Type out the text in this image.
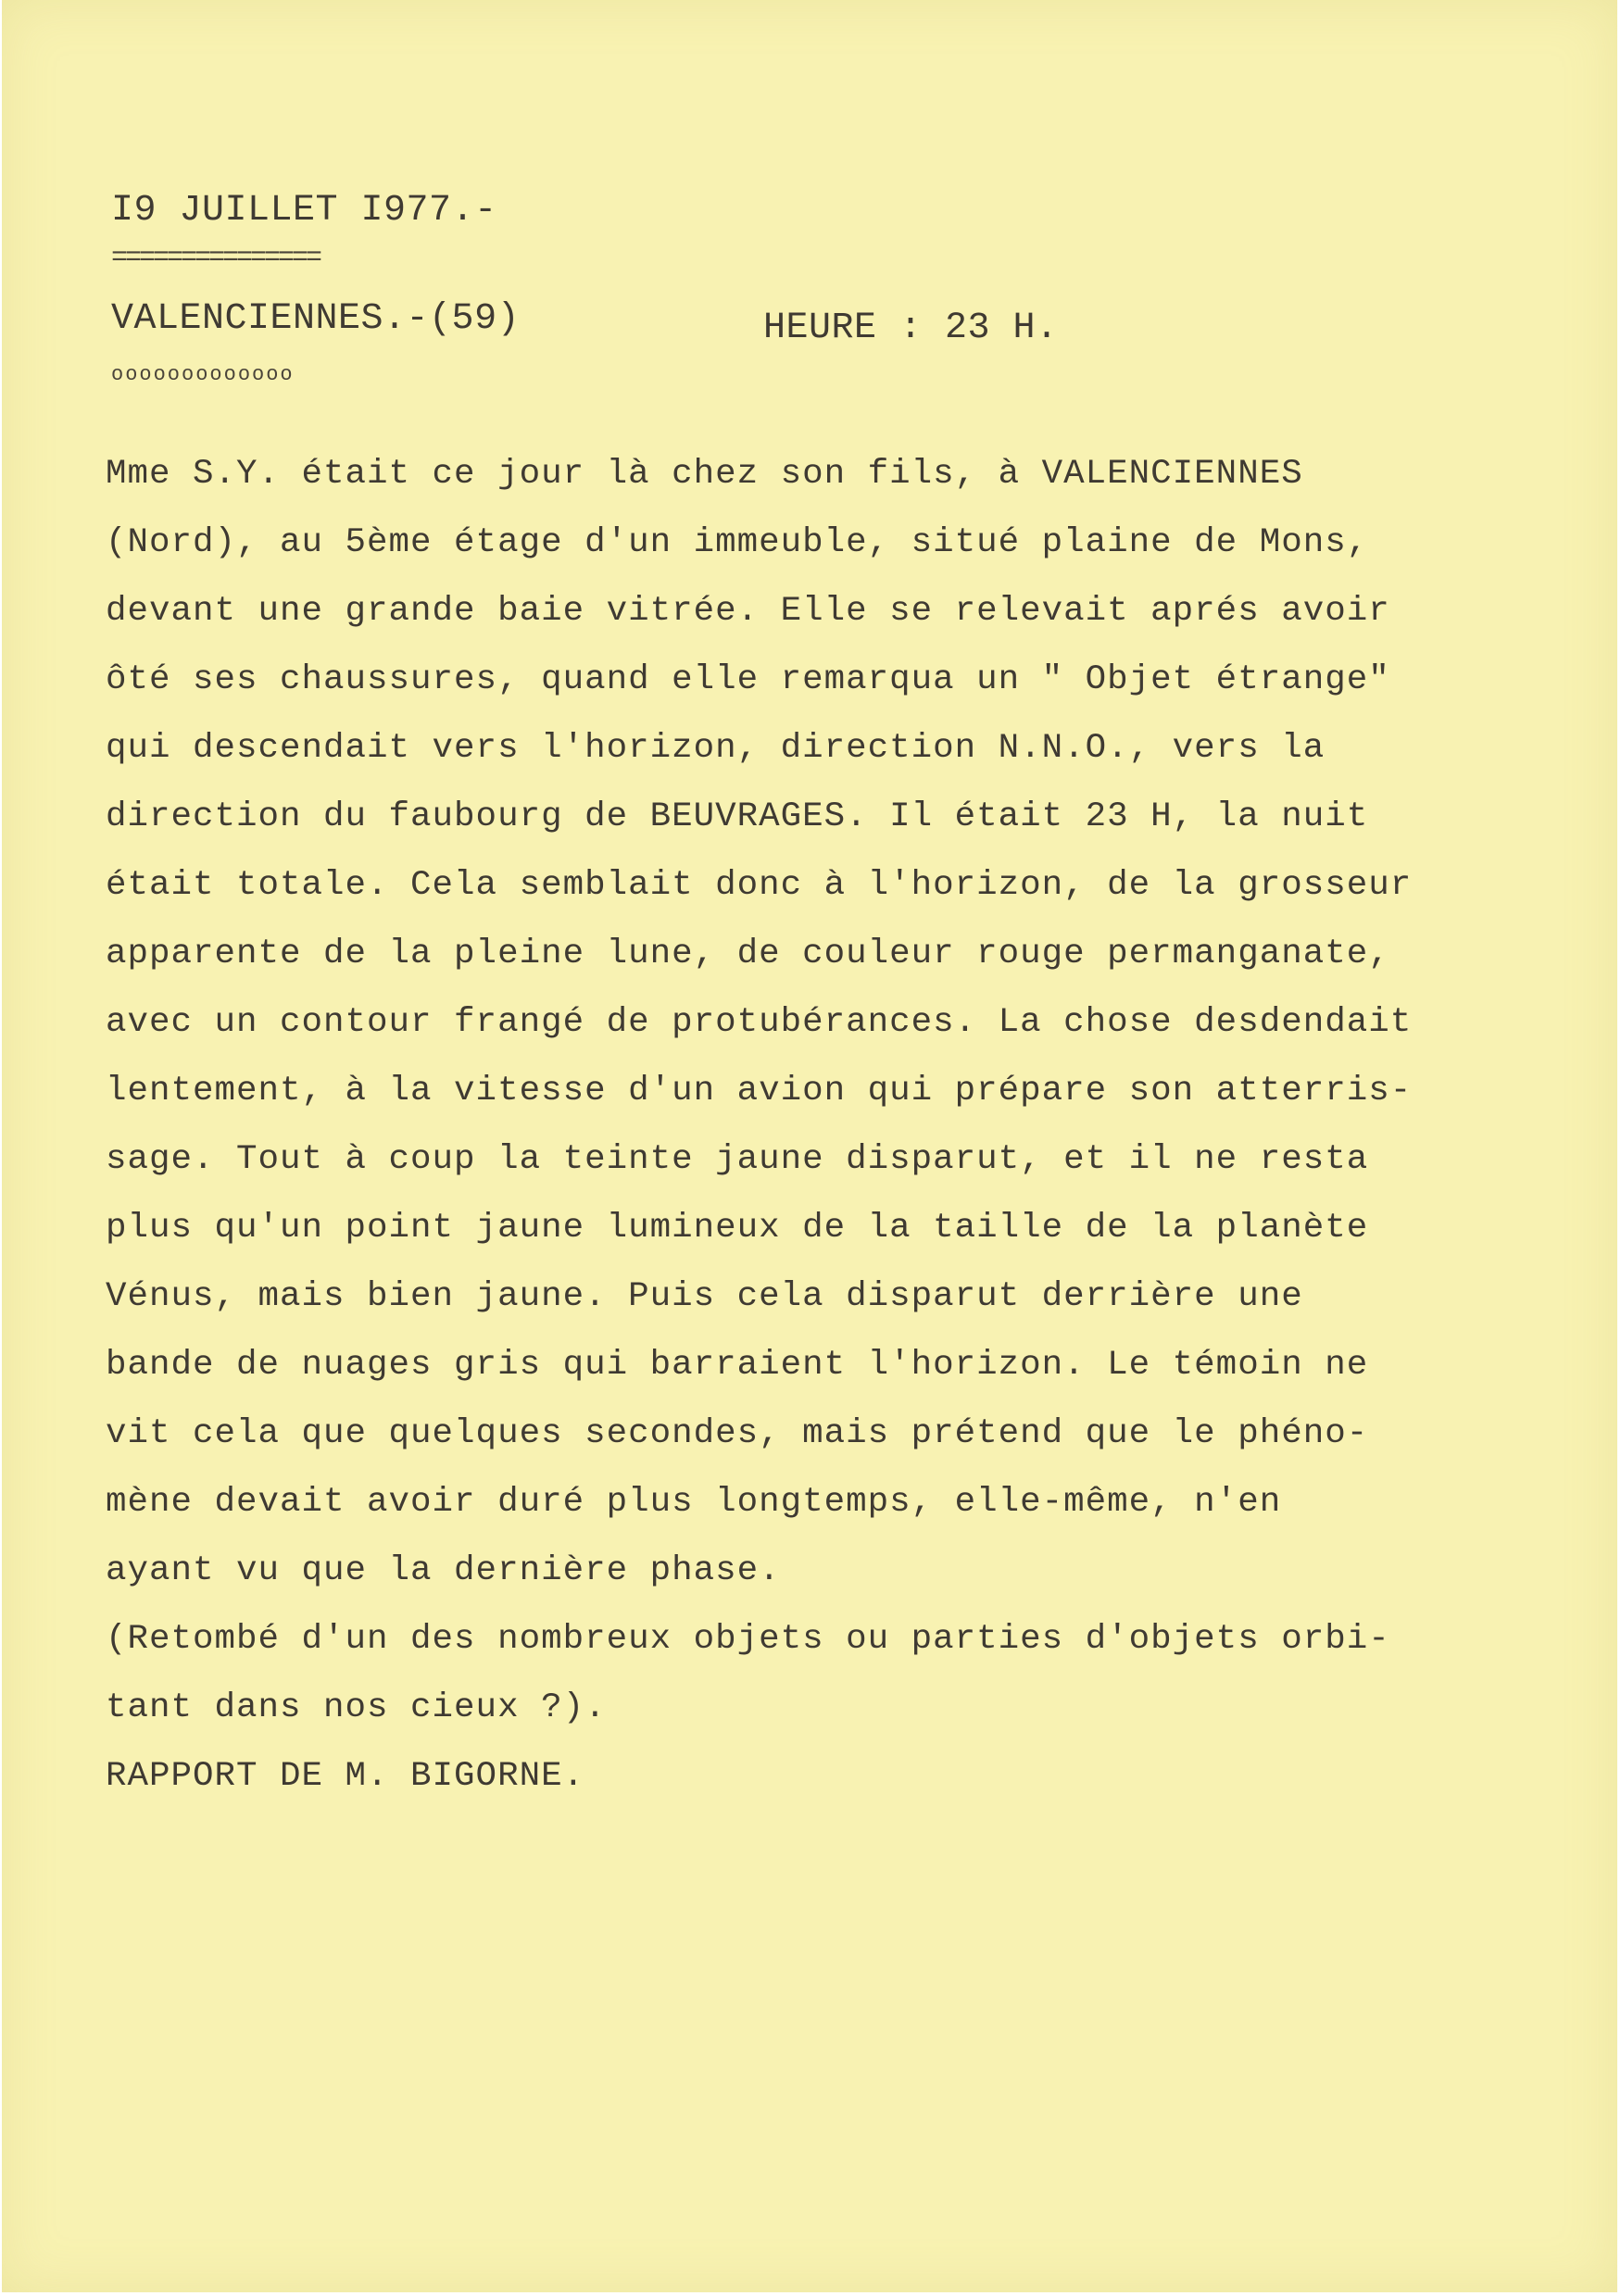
I9 JUILLET I977.-
===============
VALENCIENNES.-(59)	HEURE : 23 H.
ooooooooooooo
Mme S.Y. était ce jour là chez son fils, à VALENCIENNES
(Nord), au 5ème étage d'un immeuble, situé plaine de Mons,
devant une grande baie vitrée. Elle se relevait aprés avoir
ôté ses chaussures, quand elle remarqua un " Objet étrange"
qui descendait vers l'horizon, direction N.N.O., vers la
direction du faubourg de BEUVRAGES. Il était 23 H, la nuit
était totale. Cela semblait donc à l'horizon, de la grosseur
apparente de la pleine lune, de couleur rouge permanganate,
avec un contour frangé de protubérances. La chose desdendait
lentement, à la vitesse d'un avion qui prépare son atterris-
sage. Tout à coup la teinte jaune disparut, et il ne resta
plus qu'un point jaune lumineux de la taille de la planète
Vénus, mais bien jaune. Puis cela disparut derrière une
bande de nuages gris qui barraient l'horizon. Le témoin ne
vit cela que quelques secondes, mais prétend que le phéno-
mène devait avoir duré plus longtemps, elle-même, n'en
ayant vu que la dernière phase.
(Retombé d'un des nombreux objets ou parties d'objets orbi-
tant dans nos cieux ?).
RAPPORT DE M. BIGORNE.
